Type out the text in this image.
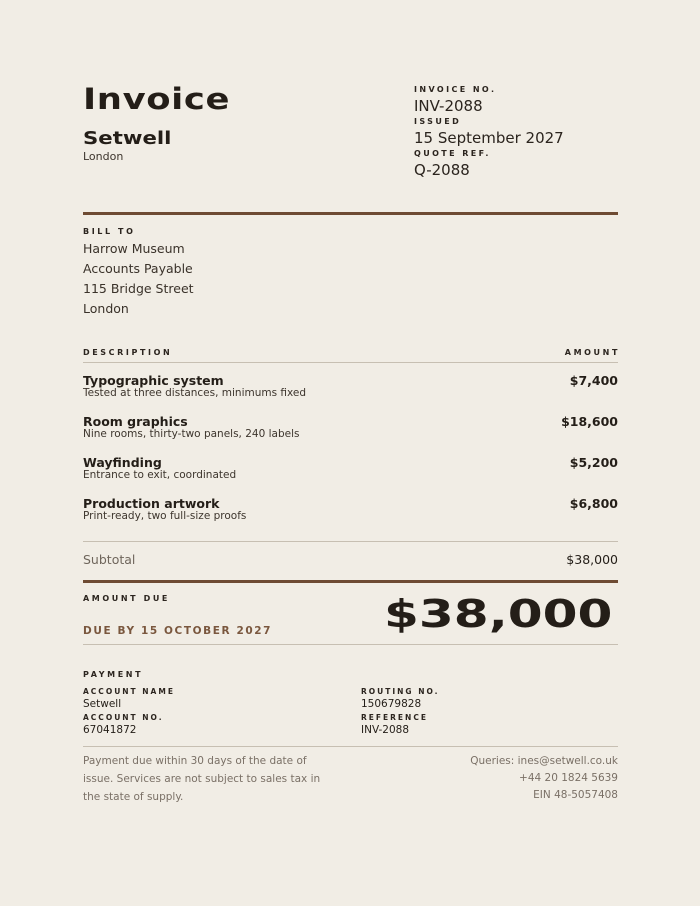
Invoice
Setwell
London
INVOICE NO.
INV-2088
ISSUED
15 September 2027
QUOTE REF.
Q-2088
BILL TO
Harrow Museum
Accounts Payable
115 Bridge Street
London
DESCRIPTION	AMOUNT
Typographic system
Tested at three distances, minimums fixed
$7,400
Room graphics
Nine rooms, thirty-two panels, 240 labels
$18,600
Wayfinding
Entrance to exit, coordinated
$5,200
Production artwork
Print-ready, two full-size proofs
$6,800
Subtotal	$38,000
AMOUNT DUE
DUE BY 15 OCTOBER 2027	$38,000
PAYMENT
ACCOUNT NAME
Setwell
ACCOUNT NO.
67041872
ROUTING NO.
150679828
REFERENCE
INV-2088
Payment due within 30 days of the date of issue. Services are not subject to sales tax in the state of supply.
Queries: ines@setwell.co.uk
+44 20 1824 5639
EIN 48-5057408
